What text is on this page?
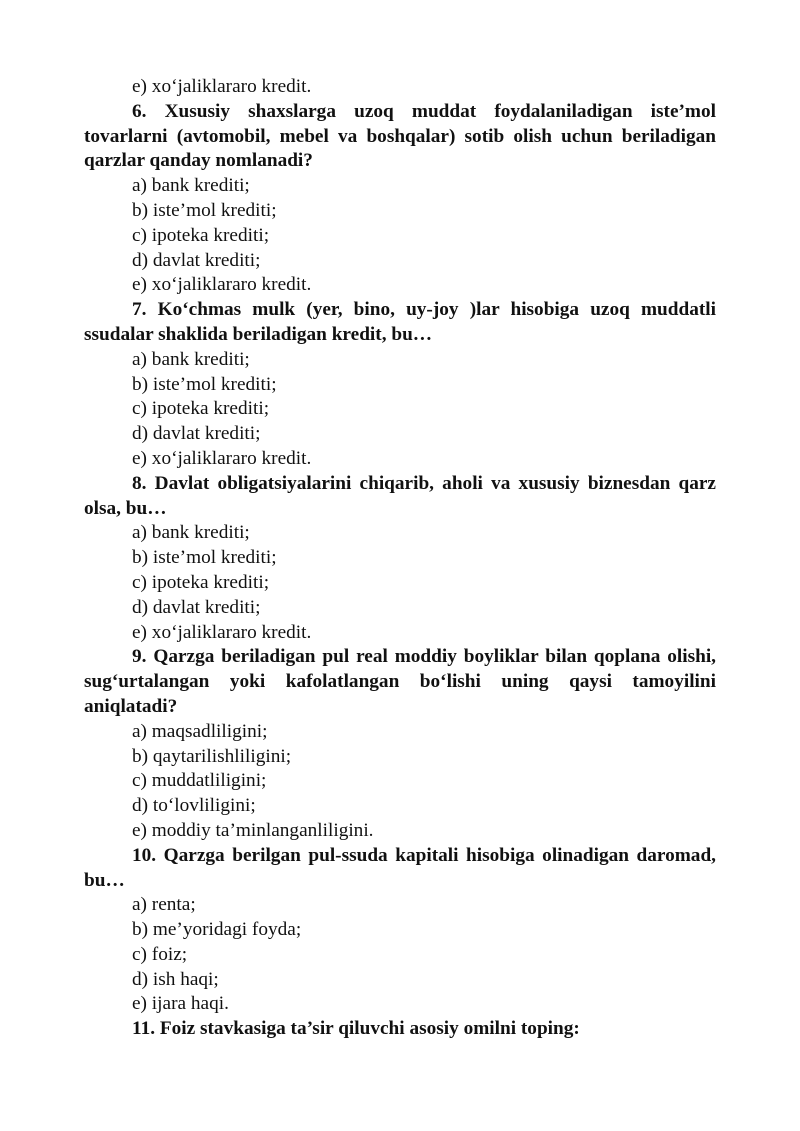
e) xo‘jaliklararo kredit.

6. Xususiy shaxslarga uzoq muddat foydalaniladigan iste’mol tovarlarni (avtomobil, mebel va boshqalar) sotib olish uchun beriladigan qarzlar qanday nomlanadi?

a) bank krediti;

b) iste’mol krediti;

c) ipoteka krediti;

d) davlat krediti;

e) xo‘jaliklararo kredit.

7. Ko‘chmas mulk (yer, bino, uy-joy )lar hisobiga uzoq muddatli ssudalar shaklida beriladigan kredit, bu…

a) bank krediti;

b) iste’mol krediti;

c) ipoteka krediti;

d) davlat krediti;

e) xo‘jaliklararo kredit.

8. Davlat obligatsiyalarini chiqarib, aholi va xususiy biznesdan qarz olsa, bu…

a) bank krediti;

b) iste’mol krediti;

c) ipoteka krediti;

d) davlat krediti;

e) xo‘jaliklararo kredit.

9. Qarzga beriladigan pul real moddiy boyliklar bilan qoplana olishi, sug‘urtalangan yoki kafolatlangan bo‘lishi uning qaysi tamoyilini aniqlatadi?

a) maqsadliligini;

b) qaytarilishliligini;

c) muddatliligini;

d) to‘lovliligini;

e) moddiy ta’minlanganliligini.

10. Qarzga berilgan pul-ssuda kapitali hisobiga olinadigan daromad, bu…

a) renta;

b) me’yoridagi foyda;

c) foiz;

d) ish haqi;

e) ijara haqi.

11. Foiz stavkasiga ta’sir qiluvchi asosiy omilni toping:
